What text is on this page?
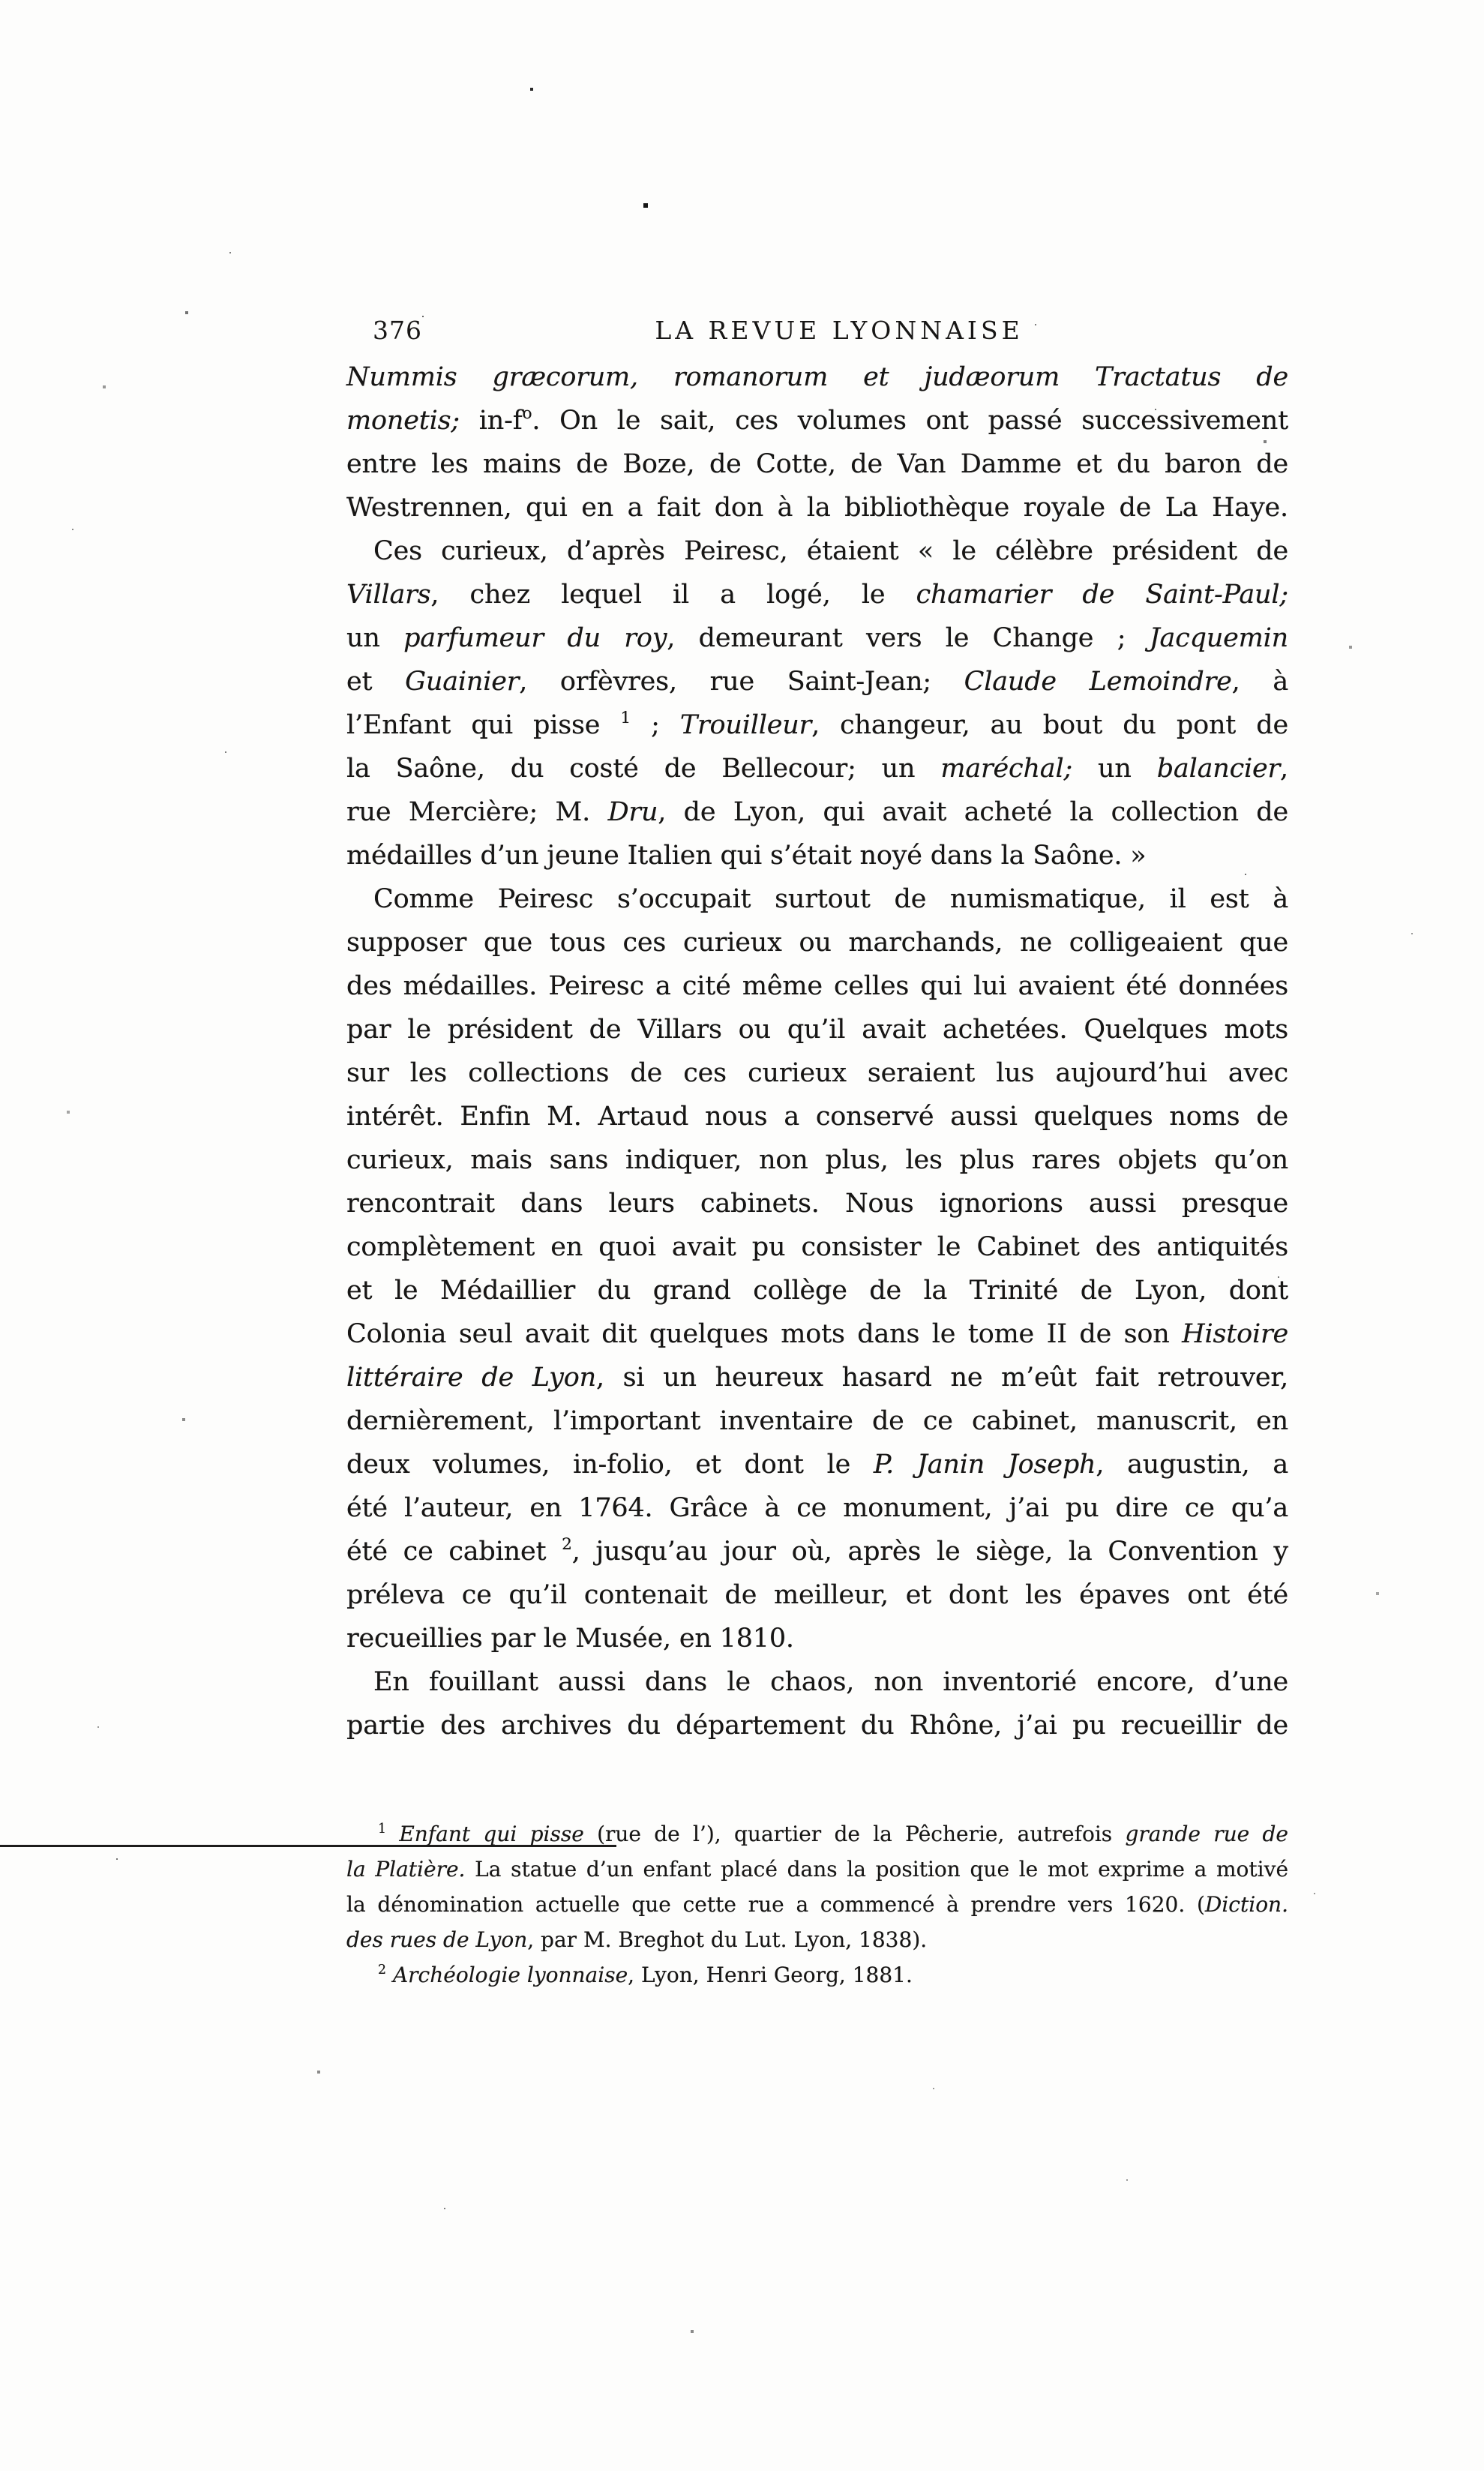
376	LA REVUE LYONNAISE
Nummis græcorum, romanorum et judæorum Tractatus de
monetis; $in-f^o$. On le sait, ces volumes ont passé successivement
entre les mains de Boze, de Cotte, de Van Damme et du baron de
Westrennen, qui en a fait don à la bibliothèque royale de La Haye.
Ces curieux, d’après Peiresc, étaient « le célèbre président de
Villars, chez lequel il a logé, le chamarier de Saint-Paul;
un parfumeur du roy, demeurant vers le Change ; Jacquemin
et Guainier, orfèvres, rue Saint-Jean; Claude Lemoindre, à
l’Enfant qui pisse $^1$ ; Trouilleur, changeur, au bout du pont de
la Saône, du costé de Bellecour; un maréchal; un balancier,
rue Mercière; M. Dru, de Lyon, qui avait acheté la collection de
médailles d’un jeune Italien qui s’était noyé dans la Saône. »
Comme Peiresc s’occupait surtout de numismatique, il est à
supposer que tous ces curieux ou marchands, ne colligeaient que
des médailles. Peiresc a cité même celles qui lui avaient été données
par le président de Villars ou qu’il avait achetées. Quelques mots
sur les collections de ces curieux seraient lus aujourd’hui avec
intérêt. Enfin M. Artaud nous a conservé aussi quelques noms de
curieux, mais sans indiquer, non plus, les plus rares objets qu’on
rencontrait dans leurs cabinets. Nous ignorions aussi presque
complètement en quoi avait pu consister le Cabinet des antiquités
et le Médaillier du grand collège de la Trinité de Lyon, dont
Colonia seul avait dit quelques mots dans le tome II de son Histoire
littéraire de Lyon, si un heureux hasard ne m’eût fait retrouver,
dernièrement, l’important inventaire de ce cabinet, manuscrit, en
deux volumes, in-folio, et dont le P. Janin Joseph, augustin, a
été l’auteur, en 1764. Grâce à ce monument, j’ai pu dire ce qu’a
été ce cabinet $^2$, jusqu’au jour où, après le siège, la Convention y
préleva ce qu’il contenait de meilleur, et dont les épaves ont été
recueillies par le Musée, en 1810.
En fouillant aussi dans le chaos, non inventorié encore, d’une
partie des archives du département du Rhône, j’ai pu recueillir de
$^1$ Enfant qui pisse (rue de l’), quartier de la Pêcherie, autrefois grande rue de
la Platière. La statue d’un enfant placé dans la position que le mot exprime a motivé
la dénomination actuelle que cette rue a commencé à prendre vers 1620. (Diction.
des rues de Lyon, par M. Breghot du Lut. Lyon, 1838).
$^2$ Archéologie lyonnaise, Lyon, Henri Georg, 1881.
